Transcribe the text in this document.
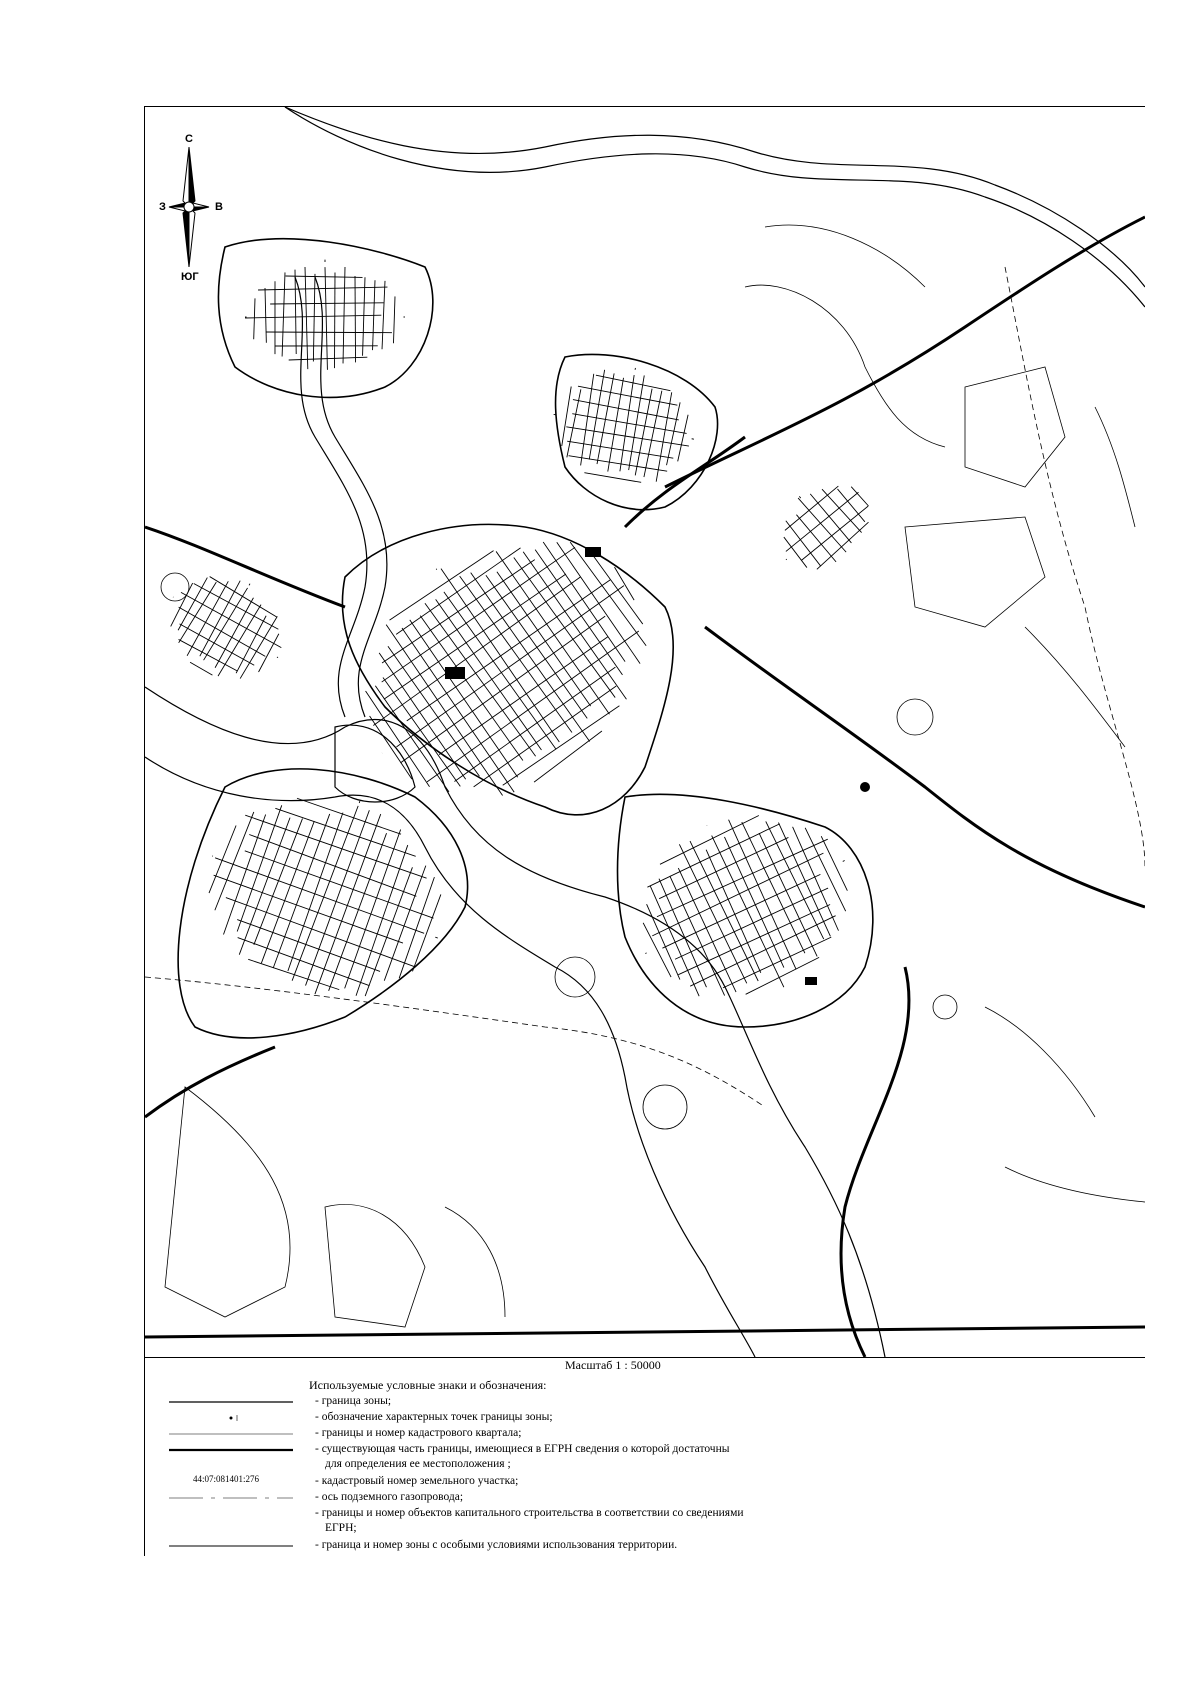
С
ЮГ
З	В
Масштаб 1 : 50000
Используемые условные знаки и обозначения:
- граница зоны;
- обозначение характерных точек границы зоны;
- границы и номер кадастрового квартала;
- существующая часть границы, имеющиеся в ЕГРН сведения о которой достаточны
для определения ее местоположения ;
44:07:081401:276	- кадастровый номер земельного участка;
- ось подземного газопровода;
- границы и номер объектов капитального строительства в соответствии со сведениями
ЕГРН;
- граница и номер зоны с особыми условиями использования территории.
